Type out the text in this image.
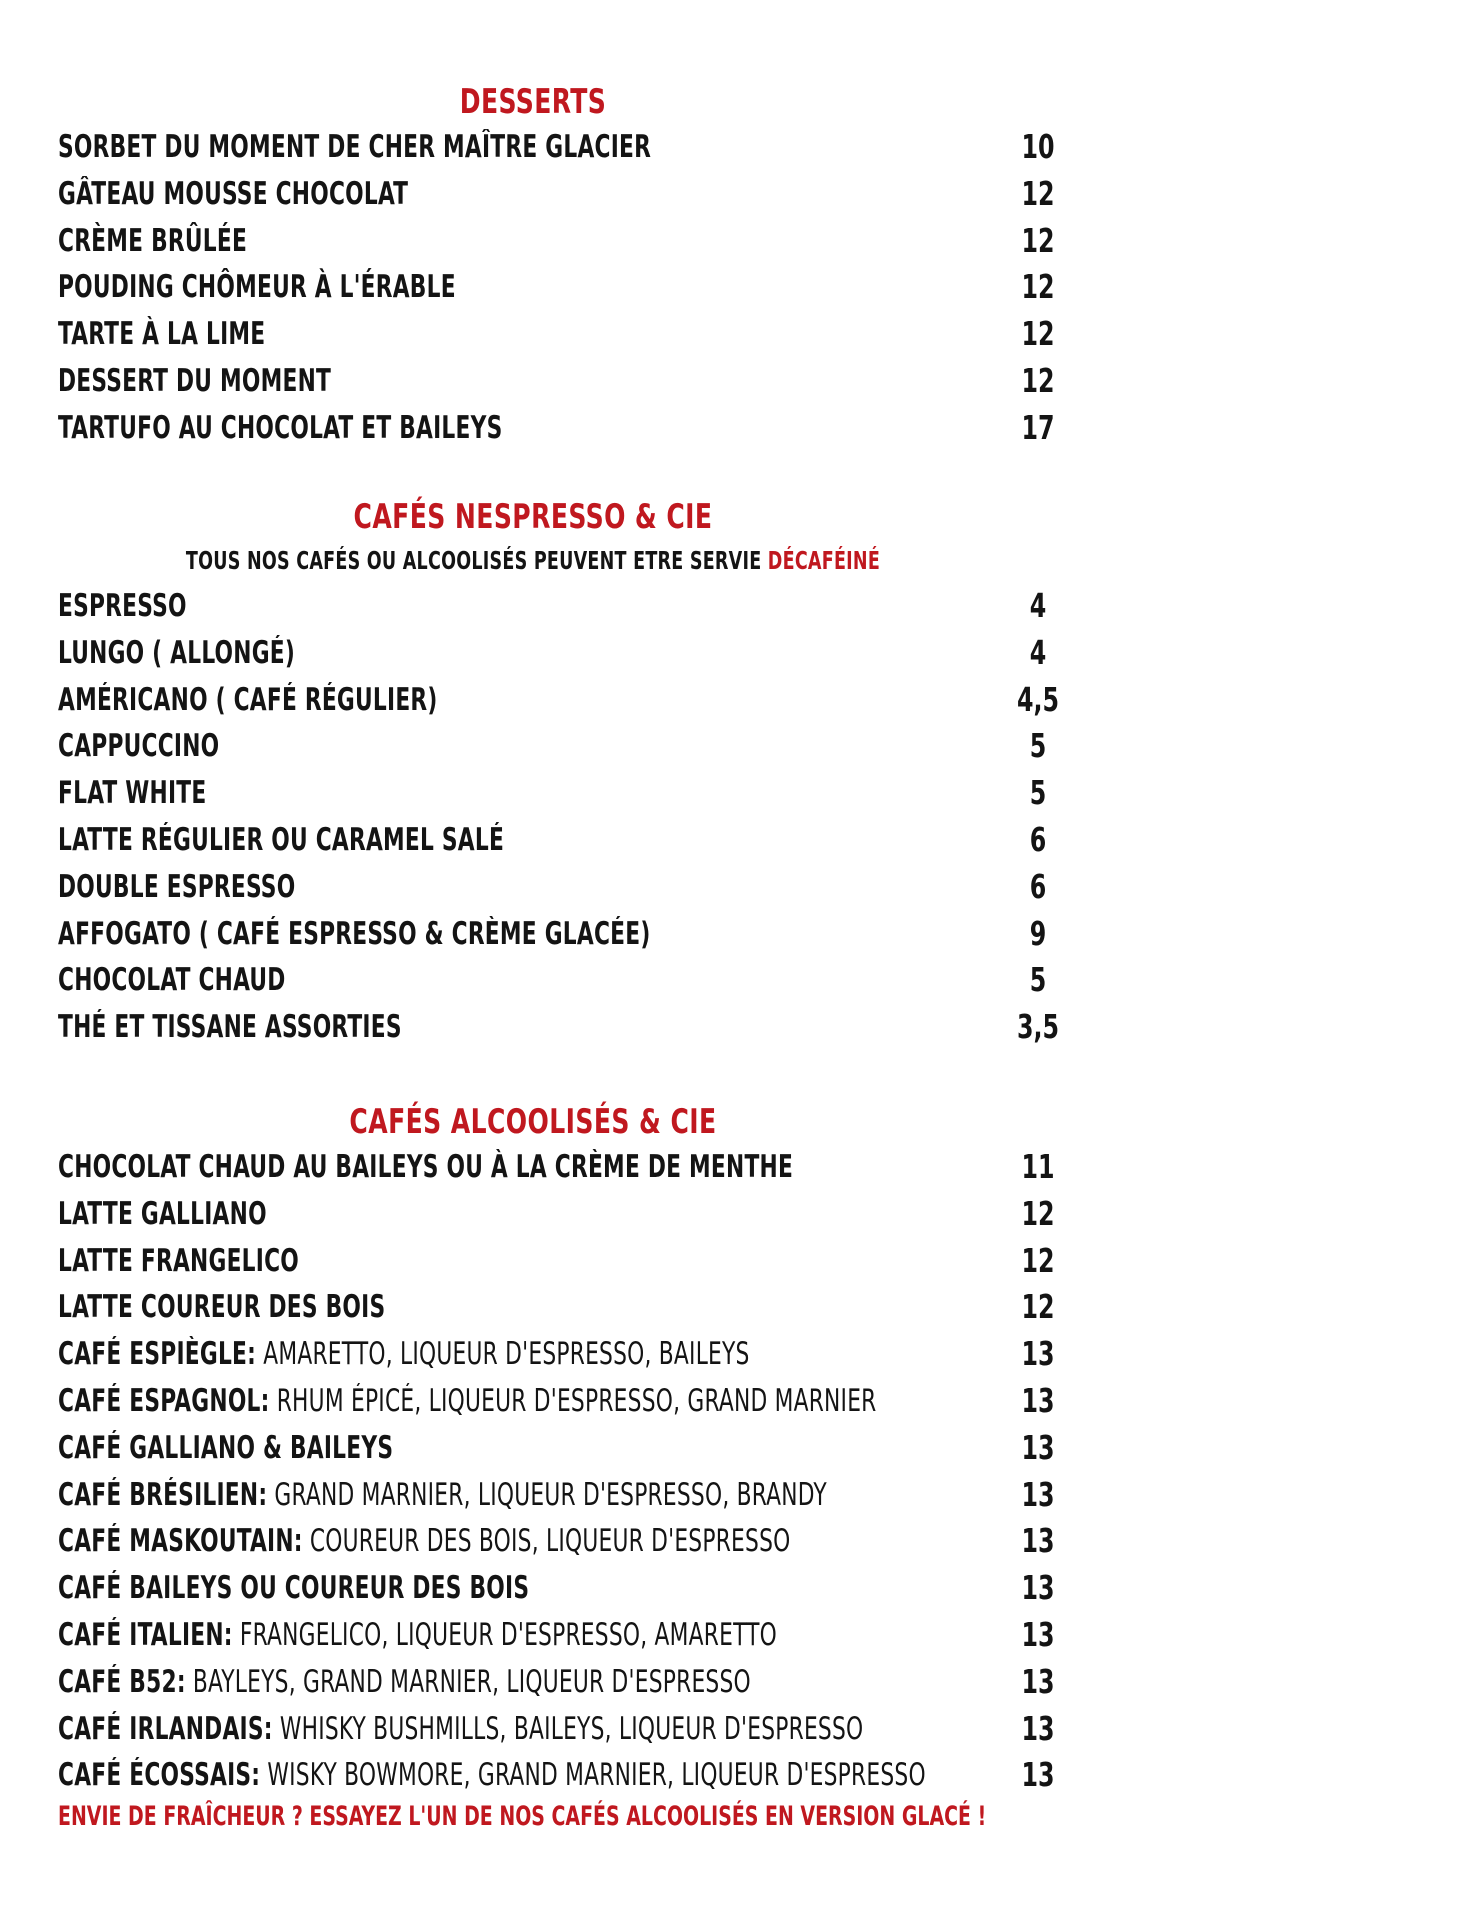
DESSERTS
SORBET DU MOMENT DE CHER MAÎTRE GLACIER	10
GÂTEAU MOUSSE CHOCOLAT	12
CRÈME BRÛLÉE	12
POUDING CHÔMEUR À L'ÉRABLE	12
TARTE À LA LIME	12
DESSERT DU MOMENT	12
TARTUFO AU CHOCOLAT ET BAILEYS	17
CAFÉS NESPRESSO & CIE
TOUS NOS CAFÉS OU ALCOOLISÉS PEUVENT ETRE SERVIE DÉCAFÉINÉ
ESPRESSO	4
LUNGO ( ALLONGÉ)	4
AMÉRICANO ( CAFÉ RÉGULIER)	4,5
CAPPUCCINO	5
FLAT WHITE	5
LATTE RÉGULIER OU CARAMEL SALÉ	6
DOUBLE ESPRESSO	6
AFFOGATO ( CAFÉ ESPRESSO & CRÈME GLACÉE)	9
CHOCOLAT CHAUD	5
THÉ ET TISSANE ASSORTIES	3,5
CAFÉS ALCOOLISÉS & CIE
CHOCOLAT CHAUD AU BAILEYS OU À LA CRÈME DE MENTHE	11
LATTE GALLIANO	12
LATTE FRANGELICO	12
LATTE COUREUR DES BOIS	12
CAFÉ ESPIÈGLE: AMARETTO, LIQUEUR D'ESPRESSO, BAILEYS	13
CAFÉ ESPAGNOL: RHUM ÉPICÉ, LIQUEUR D'ESPRESSO, GRAND MARNIER	13
CAFÉ GALLIANO & BAILEYS	13
CAFÉ BRÉSILIEN: GRAND MARNIER, LIQUEUR D'ESPRESSO, BRANDY	13
CAFÉ MASKOUTAIN: COUREUR DES BOIS, LIQUEUR D'ESPRESSO	13
CAFÉ BAILEYS OU COUREUR DES BOIS	13
CAFÉ ITALIEN: FRANGELICO, LIQUEUR D'ESPRESSO, AMARETTO	13
CAFÉ B52: BAYLEYS, GRAND MARNIER, LIQUEUR D'ESPRESSO	13
CAFÉ IRLANDAIS: WHISKY BUSHMILLS, BAILEYS, LIQUEUR D'ESPRESSO	13
CAFÉ ÉCOSSAIS: WISKY BOWMORE, GRAND MARNIER, LIQUEUR D'ESPRESSO	13
ENVIE DE FRAÎCHEUR ? ESSAYEZ L'UN DE NOS CAFÉS ALCOOLISÉS EN VERSION GLACÉ !
